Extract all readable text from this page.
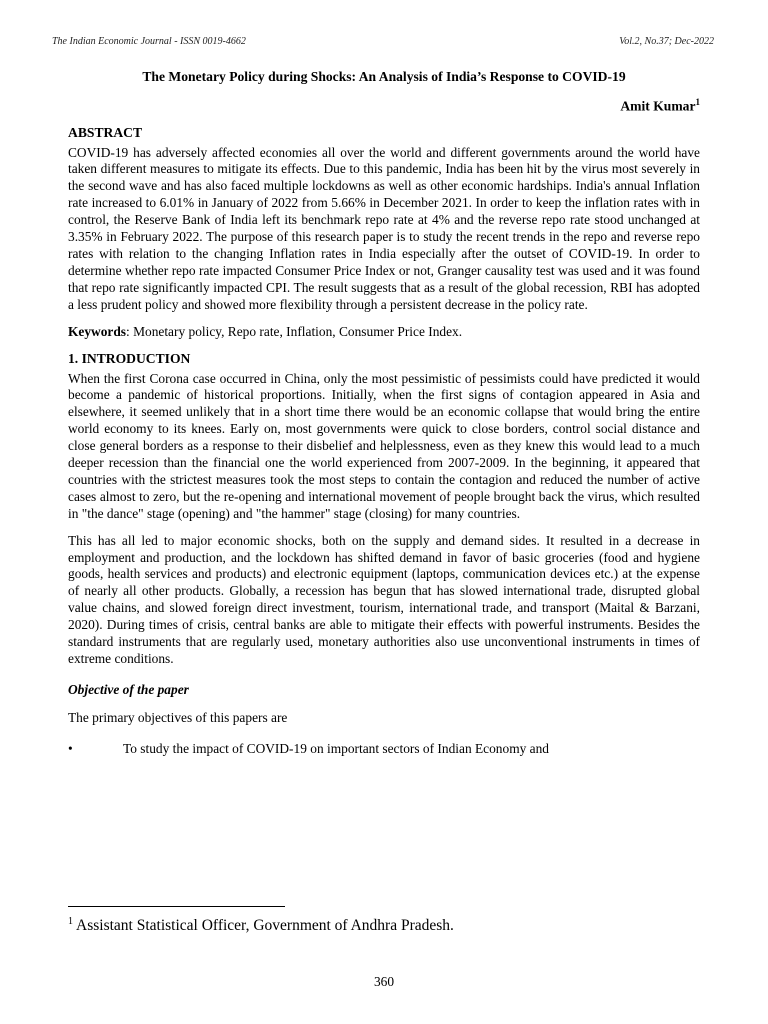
The Indian Economic Journal - ISSN 0019-4662	Vol.2, No.37; Dec-2022
The Monetary Policy during Shocks: An Analysis of India’s Response to COVID-19
Amit Kumar$^1$
ABSTRACT

COVID-19 has adversely affected economies all over the world and different governments around the world have taken different measures to mitigate its effects. Due to this pandemic, India has been hit by the virus most severely in the second wave and has also faced multiple lockdowns as well as other economic hardships. India's annual Inflation rate increased to 6.01% in January of 2022 from 5.66% in December 2021. In order to keep the inflation rates with in control, the Reserve Bank of India left its benchmark repo rate at 4% and the reverse repo rate stood unchanged at 3.35% in February 2022. The purpose of this research paper is to study the recent trends in the repo and reverse repo rates with relation to the changing Inflation rates in India especially after the outset of COVID-19. In order to determine whether repo rate impacted Consumer Price Index or not, Granger causality test was used and it was found that repo rate significantly impacted CPI. The result suggests that as a result of the global recession, RBI has adopted a less prudent policy and showed more flexibility through a persistent decrease in the policy rate.

Keywords: Monetary policy, Repo rate, Inflation, Consumer Price Index.

1. INTRODUCTION

When the first Corona case occurred in China, only the most pessimistic of pessimists could have predicted it would become a pandemic of historical proportions. Initially, when the first signs of contagion appeared in Asia and elsewhere, it seemed unlikely that in a short time there would be an economic collapse that would bring the entire world economy to its knees. Early on, most governments were quick to close borders, control social distance and close general borders as a response to their disbelief and helplessness, even as they knew this would lead to a much deeper recession than the financial one the world experienced from 2007-2009. In the beginning, it appeared that countries with the strictest measures took the most steps to contain the contagion and reduced the number of active cases almost to zero, but the re-opening and international movement of people brought back the virus, which resulted in "the dance" stage (opening) and "the hammer" stage (closing) for many countries.

This has all led to major economic shocks, both on the supply and demand sides. It resulted in a decrease in employment and production, and the lockdown has shifted demand in favor of basic groceries (food and hygiene goods, health services and products) and electronic equipment (laptops, communication devices etc.) at the expense of nearly all other products. Globally, a recession has begun that has slowed international trade, disrupted global value chains, and slowed foreign direct investment, tourism, international trade, and transport (Maital & Barzani, 2020). During times of crisis, central banks are able to mitigate their effects with powerful instruments. Besides the standard instruments that are regularly used, monetary authorities also use unconventional instruments in times of extreme conditions.

Objective of the paper
The primary objectives of this papers are
•	To study the impact of COVID-19 on important sectors of Indian Economy and
$^1$ Assistant Statistical Officer, Government of Andhra Pradesh.
360
